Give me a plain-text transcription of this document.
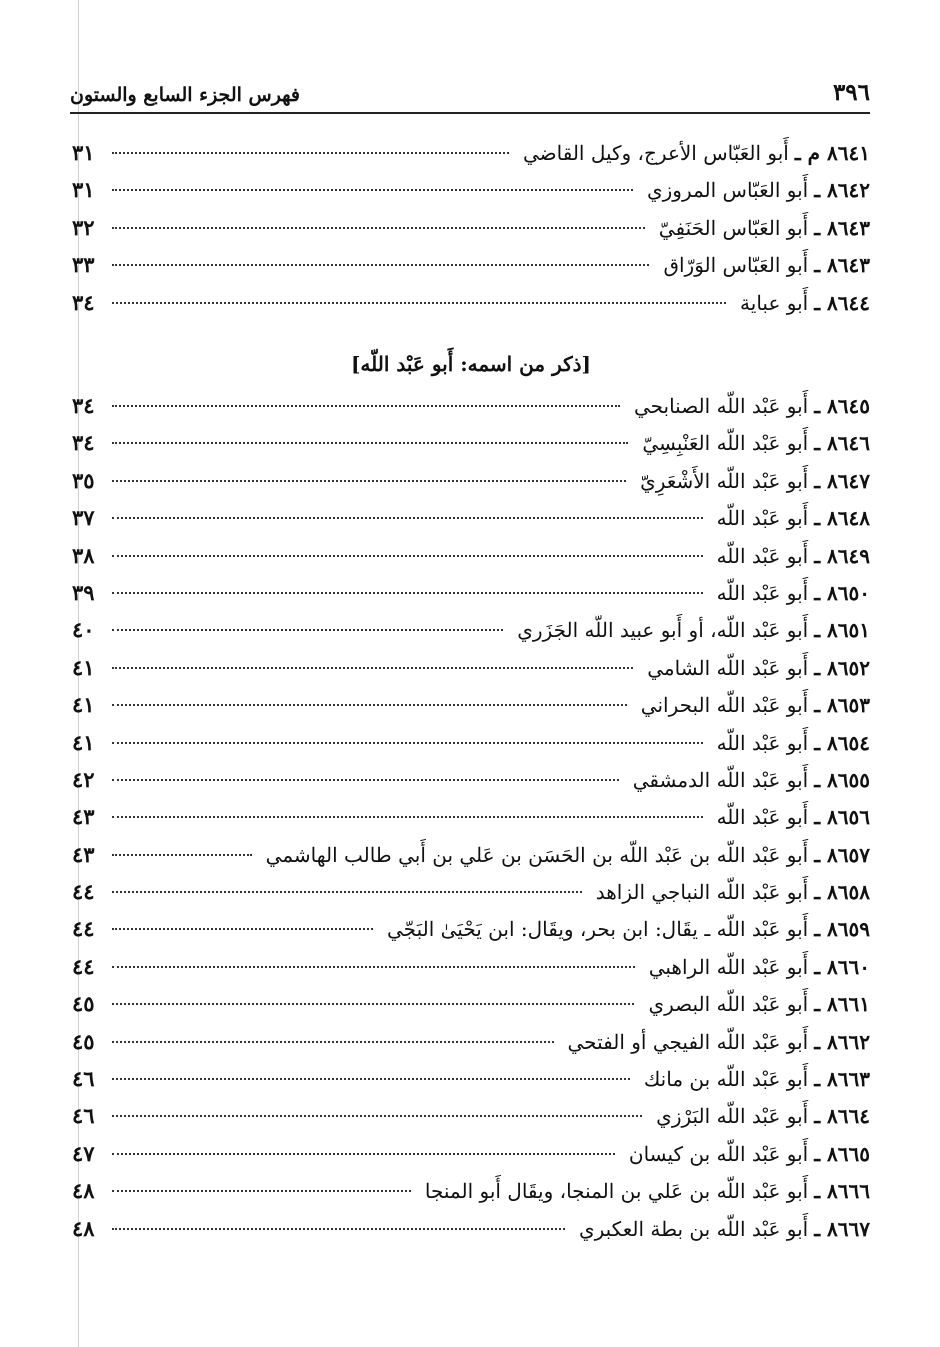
٣٩٦
فهرس الجزء السابع والستون
٨٦٤١ م ـ
أَبو العَبّاس الأعرج، وكيل القاضي
٣١
٨٦٤٢ ـ
أَبو العَبّاس المروزي
٣١
٨٦٤٣ ـ
أَبو العَبّاس الحَنَفِيّ
٣٢
٨٦٤٣ ـ
أَبو العَبّاس الوَرّاق
٣٣
٨٦٤٤ ـ
أَبو عباية
٣٤
[ذكر من اسمه: أَبو عَبْد اللّه]
٨٦٤٥ ـ
أَبو عَبْد اللّه الصنابحي
٣٤
٨٦٤٦ ـ
أَبو عَبْد اللّه العَنْبِسِيّ
٣٤
٨٦٤٧ ـ
أَبو عَبْد اللّه الأَشْعَرِيّ
٣٥
٨٦٤٨ ـ
أَبو عَبْد اللّه
٣٧
٨٦٤٩ ـ
أَبو عَبْد اللّه
٣٨
٨٦٥٠ ـ
أَبو عَبْد اللّه
٣٩
٨٦٥١ ـ
أَبو عَبْد اللّه، أو أَبو عبيد اللّه الجَزَري
٤٠
٨٦٥٢ ـ
أَبو عَبْد اللّه الشامي
٤١
٨٦٥٣ ـ
أَبو عَبْد اللّه البحراني
٤١
٨٦٥٤ ـ
أَبو عَبْد اللّه
٤١
٨٦٥٥ ـ
أَبو عَبْد اللّه الدمشقي
٤٢
٨٦٥٦ ـ
أَبو عَبْد اللّه
٤٣
٨٦٥٧ ـ
أَبو عَبْد اللّه بن عَبْد اللّه بن الحَسَن بن عَلي بن أَبي طالب الهاشمي
٤٣
٨٦٥٨ ـ
أَبو عَبْد اللّه النباجي الزاهد
٤٤
٨٦٥٩ ـ
أَبو عَبْد اللّه ـ يقَال: ابن بحر، ويقَال: ابن يَحْيَىٰ البَجّي
٤٤
٨٦٦٠ ـ
أَبو عَبْد اللّه الراهبي
٤٤
٨٦٦١ ـ
أَبو عَبْد اللّه البصري
٤٥
٨٦٦٢ ـ
أَبو عَبْد اللّه الفيجي أو الفتحي
٤٥
٨٦٦٣ ـ
أَبو عَبْد اللّه بن مانك
٤٦
٨٦٦٤ ـ
أَبو عَبْد اللّه البَرْزي
٤٦
٨٦٦٥ ـ
أَبو عَبْد اللّه بن كيسان
٤٧
٨٦٦٦ ـ
أَبو عَبْد اللّه بن عَلي بن المنجا، ويقَال أَبو المنجا
٤٨
٨٦٦٧ ـ
أَبو عَبْد اللّه بن بطة العكبري
٤٨
